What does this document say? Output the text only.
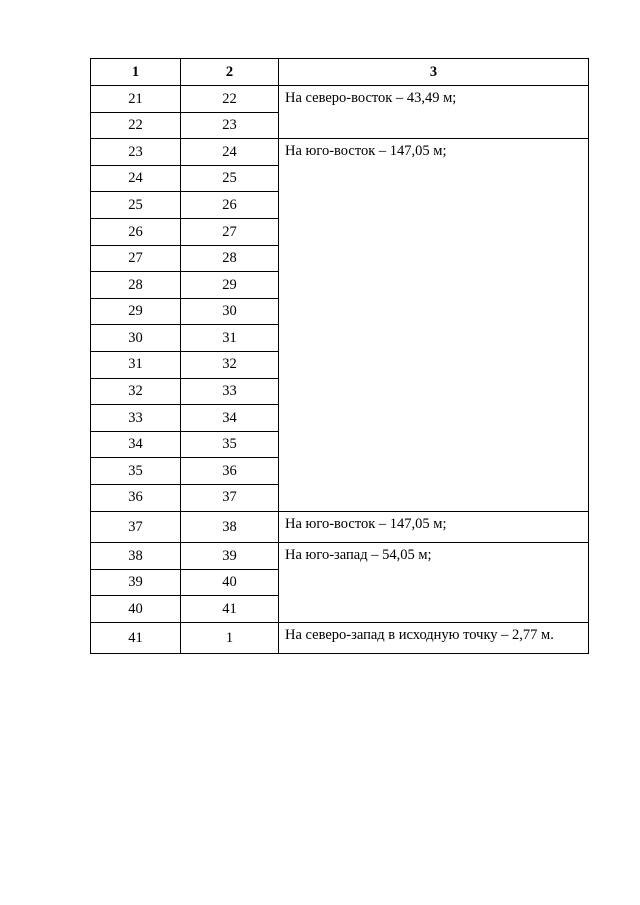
1	2	3
21	22	На северо-восток – 43,49 м;
22	23	
23	24	На юго-восток – 147,05 м;
24	25	
25	26	
26	27	
27	28	
28	29	
29	30	
30	31	
31	32	
32	33	
33	34	
34	35	
35	36	
36	37	
37	38	На юго-восток – 147,05 м;
38	39	На юго-запад – 54,05 м;
39	40	
40	41	
41	1	На северо-запад в исходную точку – 2,77 м.
